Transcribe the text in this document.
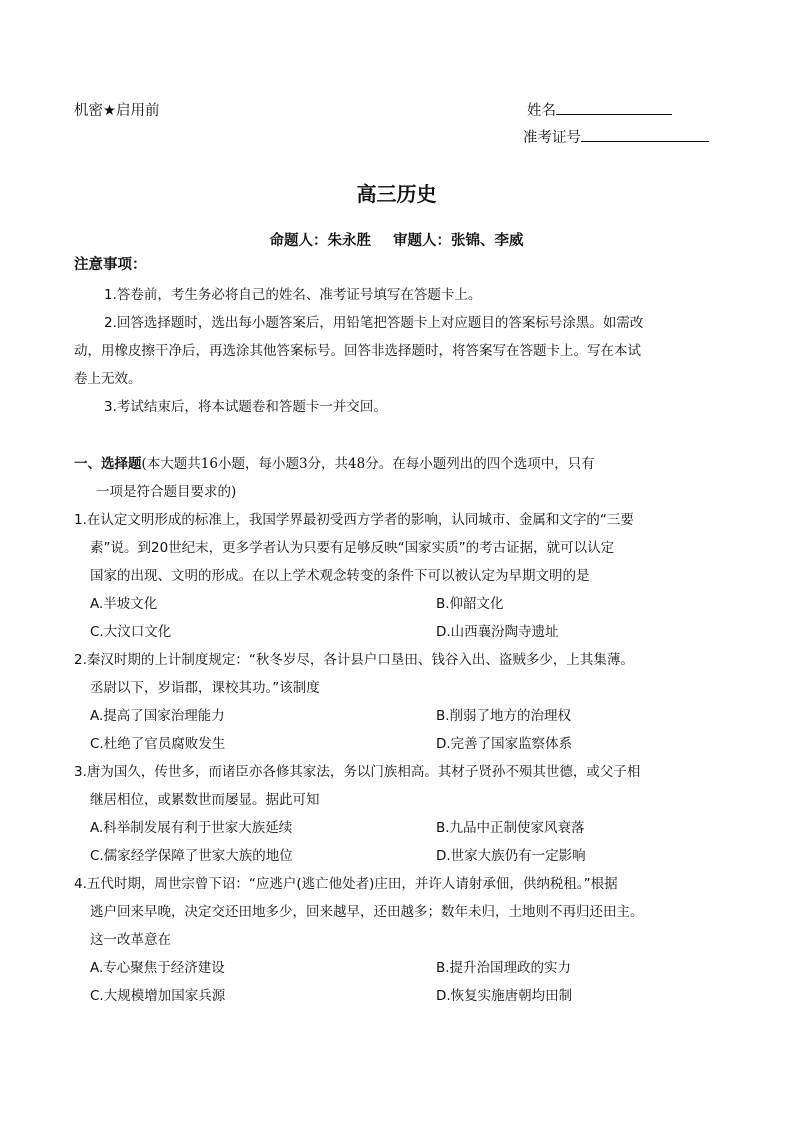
机密★启用前	姓名
准考证号
高三历史
命题人：朱永胜 审题人：张锦、李威
注意事项：
1.答卷前，考生务必将自己的姓名、准考证号填写在答题卡上。
2.回答选择题时，选出每小题答案后，用铅笔把答题卡上对应题目的答案标号涂黑。如需改
动，用橡皮擦干净后，再选涂其他答案标号。回答非选择题时，将答案写在答题卡上。写在本试
卷上无效。
3.考试结束后，将本试题卷和答题卡一并交回。
一、选择题(本大题共16小题，每小题3分，共48分。在每小题列出的四个选项中，只有
一项是符合题目要求的)
1.在认定文明形成的标准上，我国学界最初受西方学者的影响，认同城市、金属和文字的“三要
素”说。到20世纪末，更多学者认为只要有足够反映“国家实质”的考古证据，就可以认定
国家的出现、文明的形成。在以上学术观念转变的条件下可以被认定为早期文明的是
A.半坡文化	B.仰韶文化
C.大汶口文化	D.山西襄汾陶寺遗址
2.秦汉时期的上计制度规定：“秋冬岁尽，各计县户口垦田、钱谷入出、盗贼多少，上其集薄。
丞尉以下，岁诣郡，课校其功。”该制度
A.提高了国家治理能力	B.削弱了地方的治理权
C.杜绝了官员腐败发生	D.完善了国家监察体系
3.唐为国久，传世多，而诸臣亦各修其家法，务以门族相高。其材子贤孙不殒其世德，或父子相
继居相位，或累数世而屡显。据此可知
A.科举制发展有利于世家大族延续	B.九品中正制使家风衰落
C.儒家经学保障了世家大族的地位	D.世家大族仍有一定影响
4.五代时期，周世宗曾下诏：“应逃户(逃亡他处者)庄田，并许人请射承佃，供纳税租。”根据
逃户回来早晚，决定交还田地多少，回来越早，还田越多；数年未归，土地则不再归还田主。
这一改革意在
A.专心聚焦于经济建设	B.提升治国理政的实力
C.大规模增加国家兵源	D.恢复实施唐朝均田制
